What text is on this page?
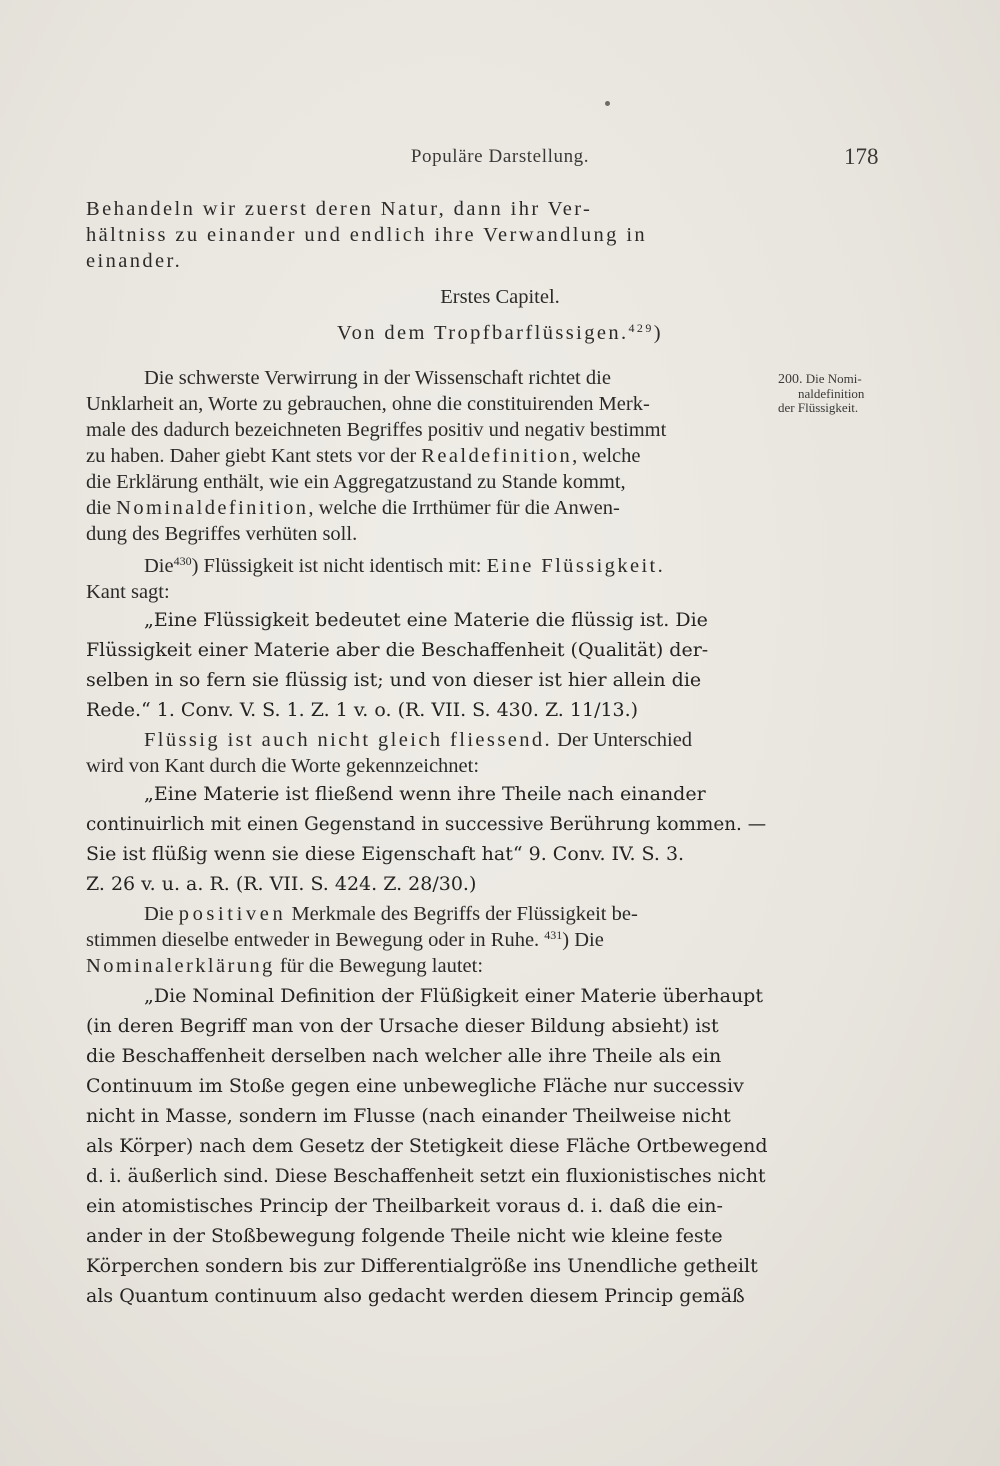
Populäre Darstellung.	178
Behandeln wir zuerst deren Natur, dann ihr Ver-
hältniss zu einander und endlich ihre Verwandlung in
einander.
Erstes Capitel.
Von dem Tropfbarflüssigen.$^{429}$)
200. Die Nomi-
naldefinition
der Flüssigkeit.
Die schwerste Verwirrung in der Wissenschaft richtet die
Unklarheit an, Worte zu gebrauchen, ohne die constituirenden Merk-
male des dadurch bezeichneten Begriffes positiv und negativ bestimmt
zu haben. Daher giebt Kant stets vor der Realdefinition, welche
die Erklärung enthält, wie ein Aggregatzustand zu Stande kommt,
die Nominaldefinition, welche die Irrthümer für die Anwen-
dung des Begriffes verhüten soll.
Die$^{430}$) Flüssigkeit ist nicht identisch mit: Eine Flüssigkeit.
Kant sagt:
„Eine Flüssigkeit bedeutet eine Materie die flüssig ist. Die
Flüssigkeit einer Materie aber die Beschaffenheit (Qualität) der-
selben in so fern sie flüssig ist; und von dieser ist hier allein die
Rede.“ 1. Conv. V. S. 1. Z. 1 v. o. (R. VII. S. 430. Z. 11/13.)
Flüssig ist auch nicht gleich fliessend. Der Unterschied
wird von Kant durch die Worte gekennzeichnet:
„Eine Materie ist fließend wenn ihre Theile nach einander
continuirlich mit einen Gegenstand in successive Berührung kommen. —
Sie ist flüßig wenn sie diese Eigenschaft hat“ 9. Conv. IV. S. 3.
Z. 26 v. u. a. R. (R. VII. S. 424. Z. 28/30.)
Die positiven Merkmale des Begriffs der Flüssigkeit be-
stimmen dieselbe entweder in Bewegung oder in Ruhe. $^{431}$) Die
Nominalerklärung für die Bewegung lautet:
„Die Nominal Definition der Flüßigkeit einer Materie überhaupt
(in deren Begriff man von der Ursache dieser Bildung absieht) ist
die Beschaffenheit derselben nach welcher alle ihre Theile als ein
Continuum im Stoße gegen eine unbewegliche Fläche nur successiv
nicht in Masse, sondern im Flusse (nach einander Theilweise nicht
als Körper) nach dem Gesetz der Stetigkeit diese Fläche Ortbewegend
d. i. äußerlich sind. Diese Beschaffenheit setzt ein fluxionistisches nicht
ein atomistisches Princip der Theilbarkeit voraus d. i. daß die ein-
ander in der Stoßbewegung folgende Theile nicht wie kleine feste
Körperchen sondern bis zur Differentialgröße ins Unendliche getheilt
als Quantum continuum also gedacht werden diesem Princip gemäß
